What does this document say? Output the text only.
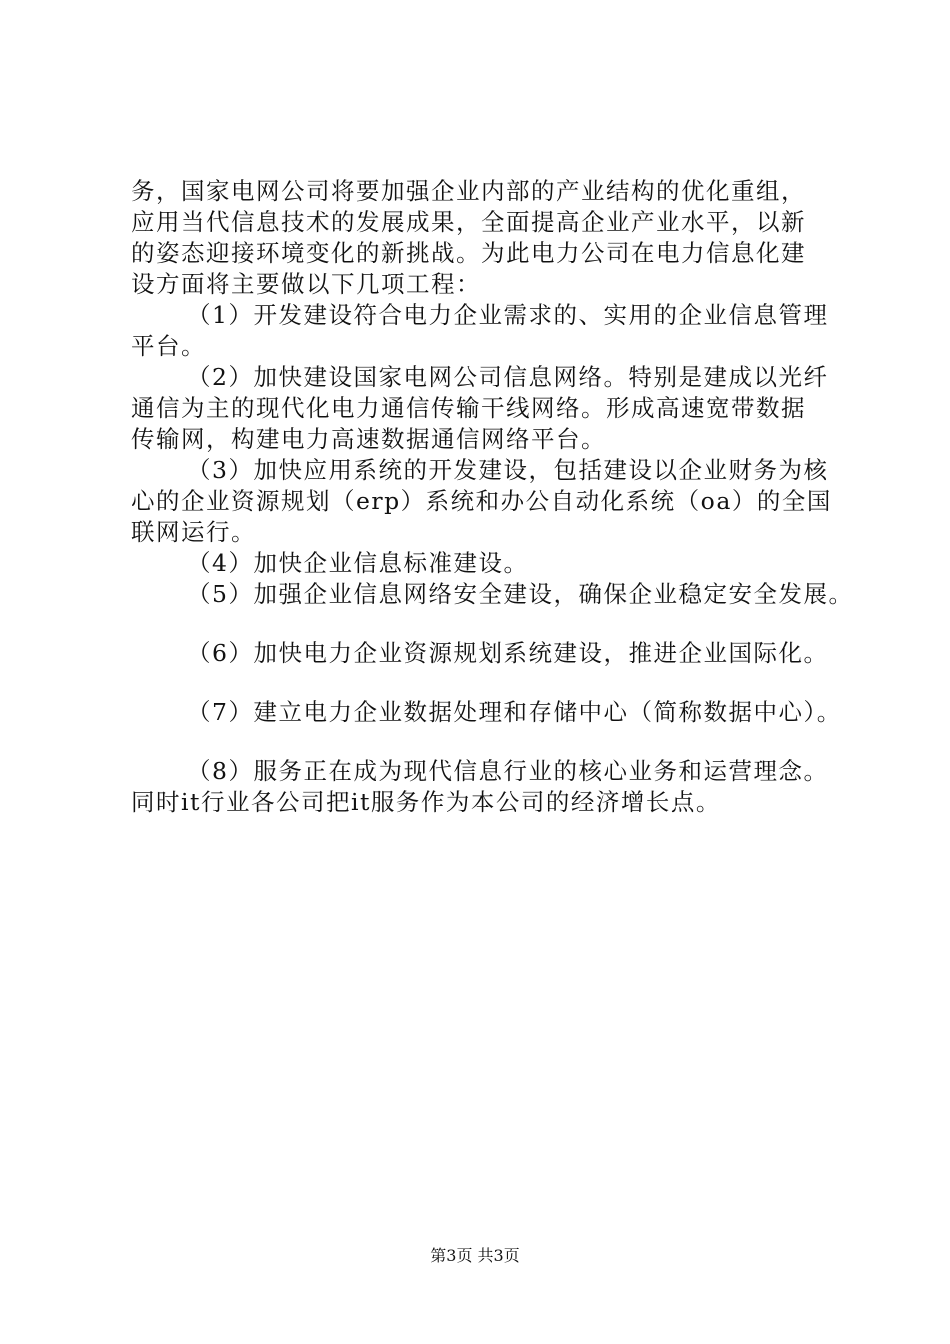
务，国家电网公司将要加强企业内部的产业结构的优化重组，
应用当代信息技术的发展成果，全面提高企业产业水平，以新
的姿态迎接环境变化的新挑战。为此电力公司在电力信息化建
设方面将主要做以下几项工程：
（1）开发建设符合电力企业需求的、实用的企业信息管理
平台。
（2）加快建设国家电网公司信息网络。特别是建成以光纤
通信为主的现代化电力通信传输干线网络。形成高速宽带数据
传输网，构建电力高速数据通信网络平台。
（3）加快应用系统的开发建设，包括建设以企业财务为核
心的企业资源规划（erp）系统和办公自动化系统（oa）的全国
联网运行。
（4）加快企业信息标准建设。
（5）加强企业信息网络安全建设，确保企业稳定安全发展。
（6）加快电力企业资源规划系统建设，推进企业国际化。
（7）建立电力企业数据处理和存储中心（简称数据中心）。
（8）服务正在成为现代信息行业的核心业务和运营理念。
同时it行业各公司把it服务作为本公司的经济增长点。
第3页 共3页
